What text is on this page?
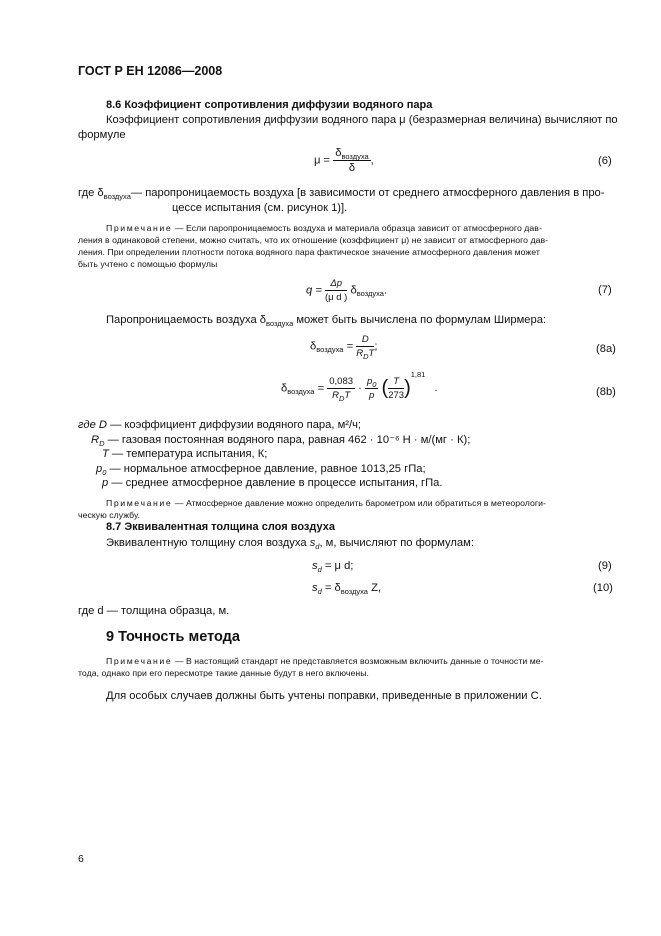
ГОСТ Р ЕН 12086—2008
8.6 Коэффициент сопротивления диффузии водяного пара
Коэффициент сопротивления диффузии водяного пара μ (безразмерная величина) вычисляют по
формуле
$\mu = \frac{\delta_{воздуха}}{\delta}$ ,	(6)
где $\delta_{воздуха}—$ паропроницаемость воздуха [в зависимости от среднего атмосферного давления в про-
цессе испытания (см. рисунок 1)].
Примечание — Если паропроницаемость воздуха и материала образца зависит от атмосферного дав-
ления в одинаковой степени, можно считать, что их отношение (коэффициент μ) не зависит от атмосферного дав-
ления. При определении плотности потока водяного пара фактическое значение атмосферного давления может
быть учтено с помощью формулы
$q = \frac{\Delta p}{\text{(μ d )}} \delta_{воздуха}$.	(7)
Паропроницаемость воздуха $\delta_{воздуха}$ может быть вычислена по формулам Ширмера:
$\delta_{воздуха} = \frac{D}{R_DT}$ ;	(8a)
$\delta_{воздуха} = \frac{0,083}{R_DT} \cdot \frac{p_0}{p}$ ( $\frac{T}{273} )^{1,81}$ .	(8b)
где D — коэффициент диффузии водяного пара, м²/ч;
$R_D$ — газовая постоянная водяного пара, равная 462 · 10⁻⁶ Н · м/(мг · К);
T — температура испытания, К;
$p_0$ — нормальное атмосферное давление, равное 1013,25 гПа;
p — среднее атмосферное давление в процессе испытания, гПа.
Примечание — Атмосферное давление можно определить барометром или обратиться в метеорологи-
ческую службу.
8.7 Эквивалентная толщина слоя воздуха
Эквивалентную толщину слоя воздуха $s_d$, м, вычисляют по формулам:
$s_d = \mu$ d;	(9)
$s_d = \delta_{воздуха}$ Z,	(10)
где d — толщина образца, м.
9 Точность метода
Примечание — В настоящий стандарт не представляется возможным включить данные о точности ме-
тода, однако при его пересмотре такие данные будут в него включены.
Для особых случаев должны быть учтены поправки, приведенные в приложении С.
6
